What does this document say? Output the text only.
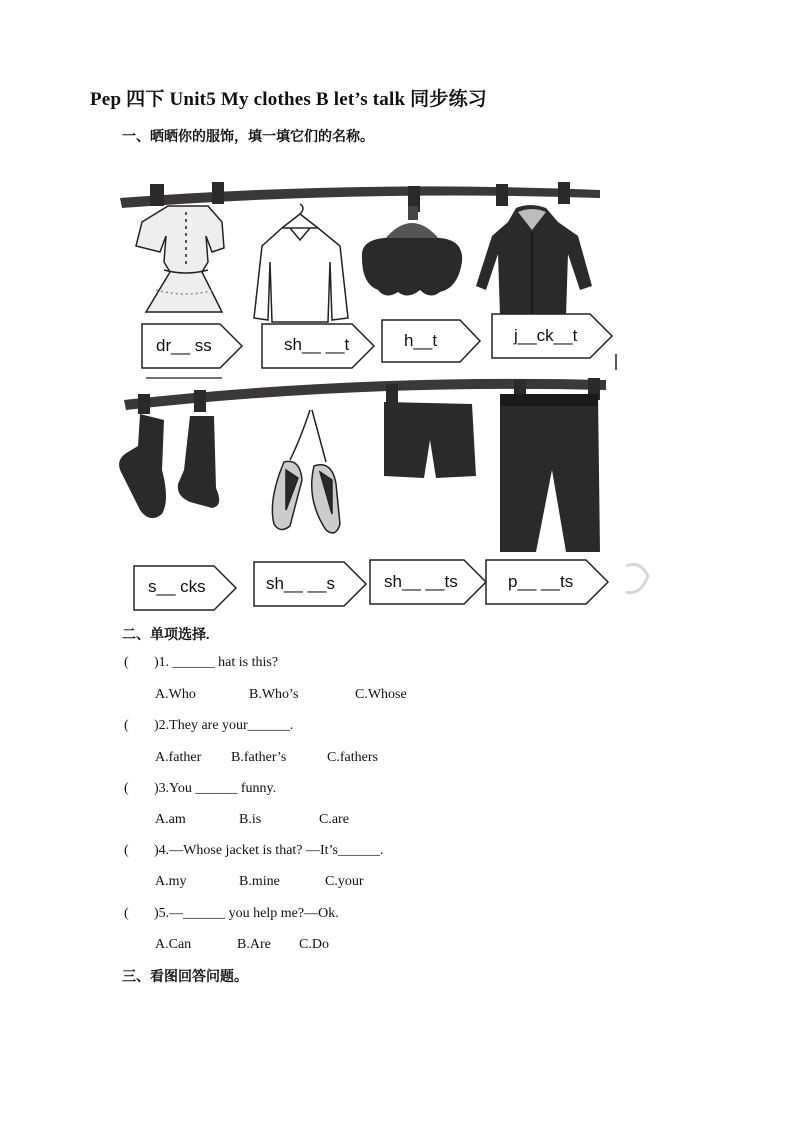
Pep 四下 Unit5 My clothes B let’s talk 同步练习
一、晒晒你的服饰，填一填它们的名称。
dr__ ss	sh__ __t	h__t	j__ck__t
s__ cks	sh__ __s	sh__ __ts	p__ __ts
二、单项选择.
( )1. ______ hat is this?
A.Who	B.Who’s	C.Whose
( )2.They are your______.
A.father B.father’s	C.fathers
( )3.You ______ funny.
A.am	B.is	C.are
( )4.—Whose jacket is that? —It’s______.
A.my	B.mine	C.your
( )5.—______ you help me?—Ok.
A.Can	B.Are C.Do
三、看图回答问题。
